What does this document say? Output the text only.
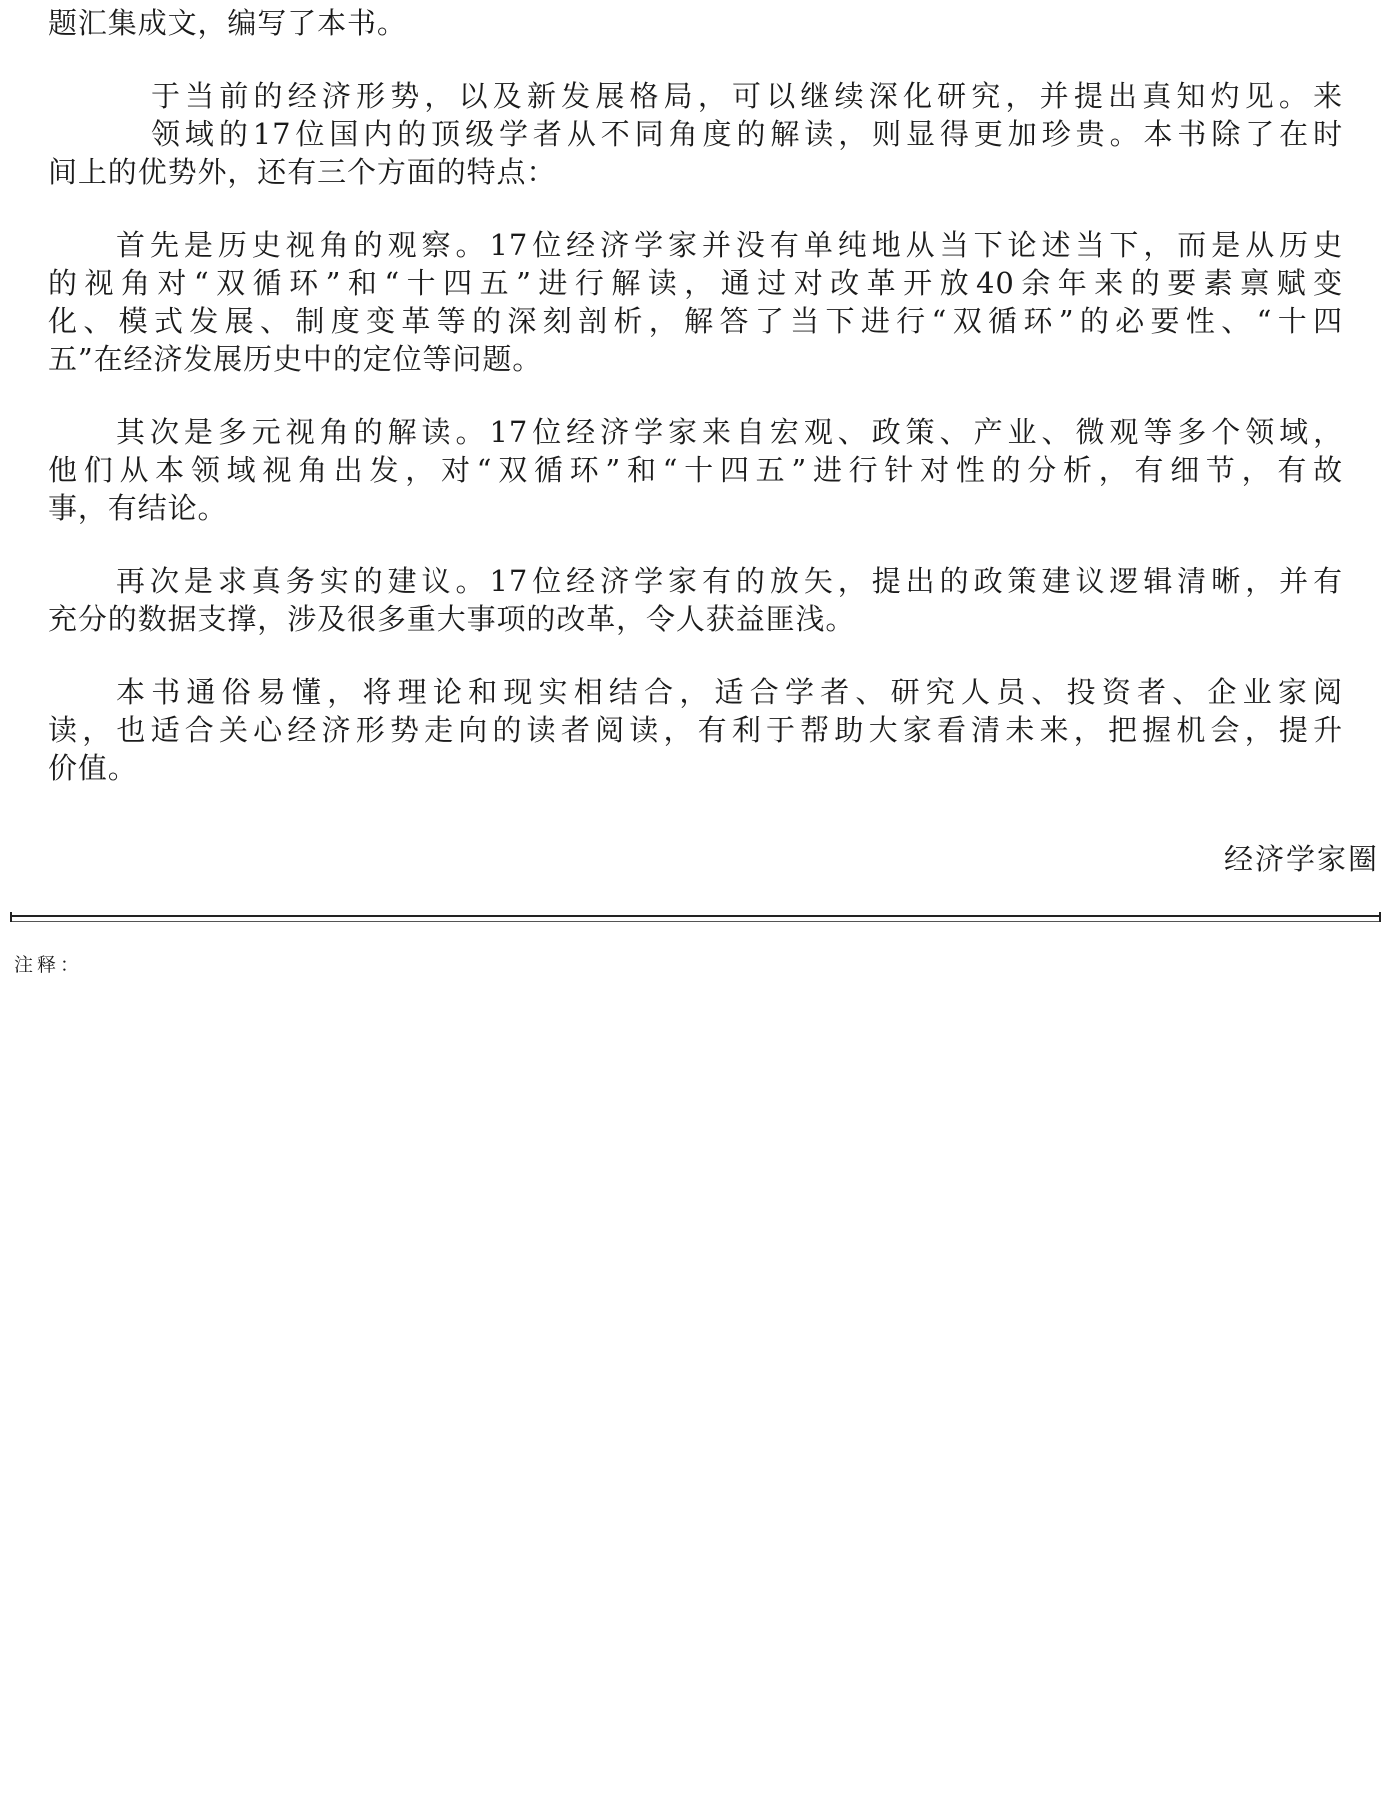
题汇集成文，编写了本书。
于当前的经济形势，以及新发展格局，可以继续深化研究，并提出真知灼见。来
领域的17位国内的顶级学者从不同角度的解读，则显得更加珍贵。本书除了在时
间上的优势外，还有三个方面的特点：
首先是历史视角的观察。17位经济学家并没有单纯地从当下论述当下，而是从历史
的视角对“双循环”和“十四五”进行解读，通过对改革开放40余年来的要素禀赋变
化、模式发展、制度变革等的深刻剖析，解答了当下进行“双循环”的必要性、“十四
五”在经济发展历史中的定位等问题。
其次是多元视角的解读。17位经济学家来自宏观、政策、产业、微观等多个领域，
他们从本领域视角出发，对“双循环”和“十四五”进行针对性的分析，有细节，有故
事，有结论。
再次是求真务实的建议。17位经济学家有的放矢，提出的政策建议逻辑清晰，并有
充分的数据支撑，涉及很多重大事项的改革，令人获益匪浅。
本书通俗易懂，将理论和现实相结合，适合学者、研究人员、投资者、企业家阅
读，也适合关心经济形势走向的读者阅读，有利于帮助大家看清未来，把握机会，提升
价值。
经济学家圈
注释：
